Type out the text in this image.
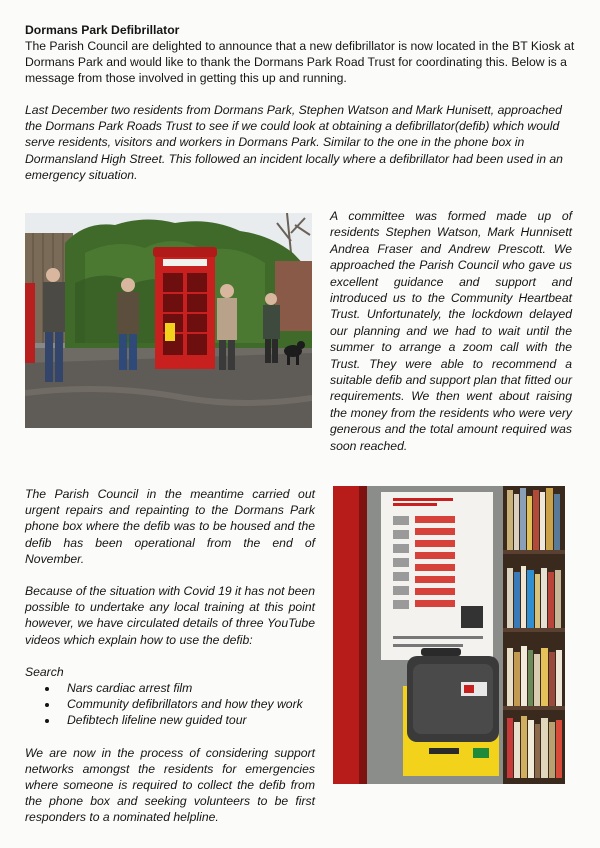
Dormans Park Defibrillator

The Parish Council are delighted to announce that a new defibrillator is now located in the BT Kiosk at Dormans Park and would like to thank the Dormans Park Road Trust for coordinating this. Below is a message from those involved in getting this up and running.

Last December two residents from Dormans Park, Stephen Watson and Mark Hunisett, approached the Dormans Park Roads Trust to see if we could look at obtaining a defibrillator(defib) which would serve residents, visitors and workers in Dormans Park. Similar to the one in the phone box in Dormansland High Street. This followed an incident locally where a defibrillator had been used in an emergency situation.

A committee was formed made up of residents Stephen Watson, Mark Hunnisett Andrea Fraser and Andrew Prescott. We approached the Parish Council who gave us excellent guidance and support and introduced us to the Community Heartbeat Trust. Unfortunately, the lockdown delayed our planning and we had to wait until the summer to arrange a zoom call with the Trust. They were able to recommend a suitable defib and support plan that fitted our requirements. We then went about raising the money from the residents who were very generous and the total amount required was soon reached.

The Parish Council in the meantime carried out urgent repairs and repainting to the Dormans Park phone box where the defib was to be housed and the defib has been operational from the end of November.

Because of the situation with Covid 19 it has not been possible to undertake any local training at this point however, we have circulated details of three YouTube videos which explain how to use the defib:

Search

• Nars cardiac arrest film
• Community defibrillators and how they work
• Defibtech lifeline new guided tour

We are now in the process of considering support networks amongst the residents for emergencies where someone is required to collect the defib from the phone box and seeking volunteers to be first responders to a nominated helpline.
